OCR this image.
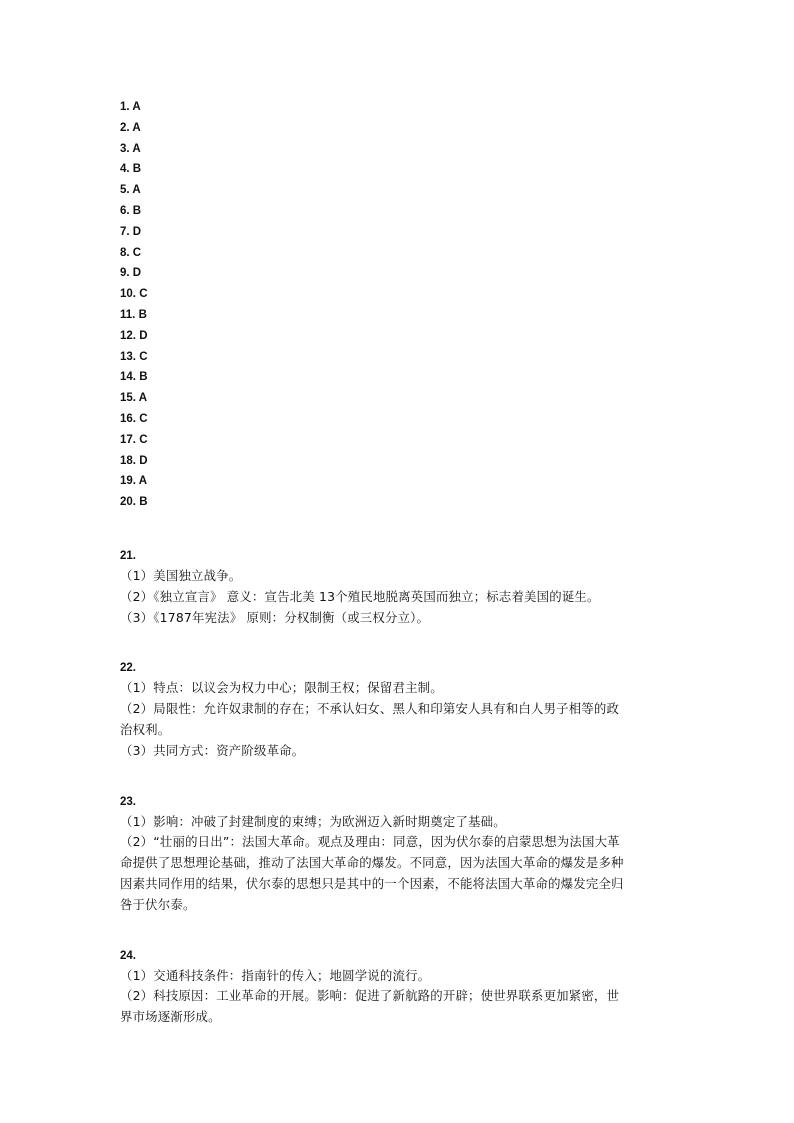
1. A
2. A
3. A
4. B
5. A
6. B
7. D
8. C
9. D
10. C
11. B
12. D
13. C
14. B
15. A
16. C
17. C
18. D
19. A
20. B
21.
（1）美国独立战争。
（2）《独立宣言》 意义：宣告北美 13个殖民地脱离英国而独立；标志着美国的诞生。
（3）《1787年宪法》 原则：分权制衡（或三权分立）。
22.
（1）特点：以议会为权力中心；限制王权；保留君主制。
（2）局限性：允许奴隶制的存在；不承认妇女、黑人和印第安人具有和白人男子相等的政
治权利。
（3）共同方式：资产阶级革命。
23.
（1）影响：冲破了封建制度的束缚；为欧洲迈入新时期奠定了基础。
（2）“壮丽的日出”：法国大革命。观点及理由：同意，因为伏尔泰的启蒙思想为法国大革
命提供了思想理论基础，推动了法国大革命的爆发。不同意，因为法国大革命的爆发是多种
因素共同作用的结果，伏尔泰的思想只是其中的一个因素，不能将法国大革命的爆发完全归
咎于伏尔泰。
24.
（1）交通科技条件：指南针的传入；地圆学说的流行。
（2）科技原因：工业革命的开展。影响：促进了新航路的开辟；使世界联系更加紧密，世
界市场逐渐形成。
